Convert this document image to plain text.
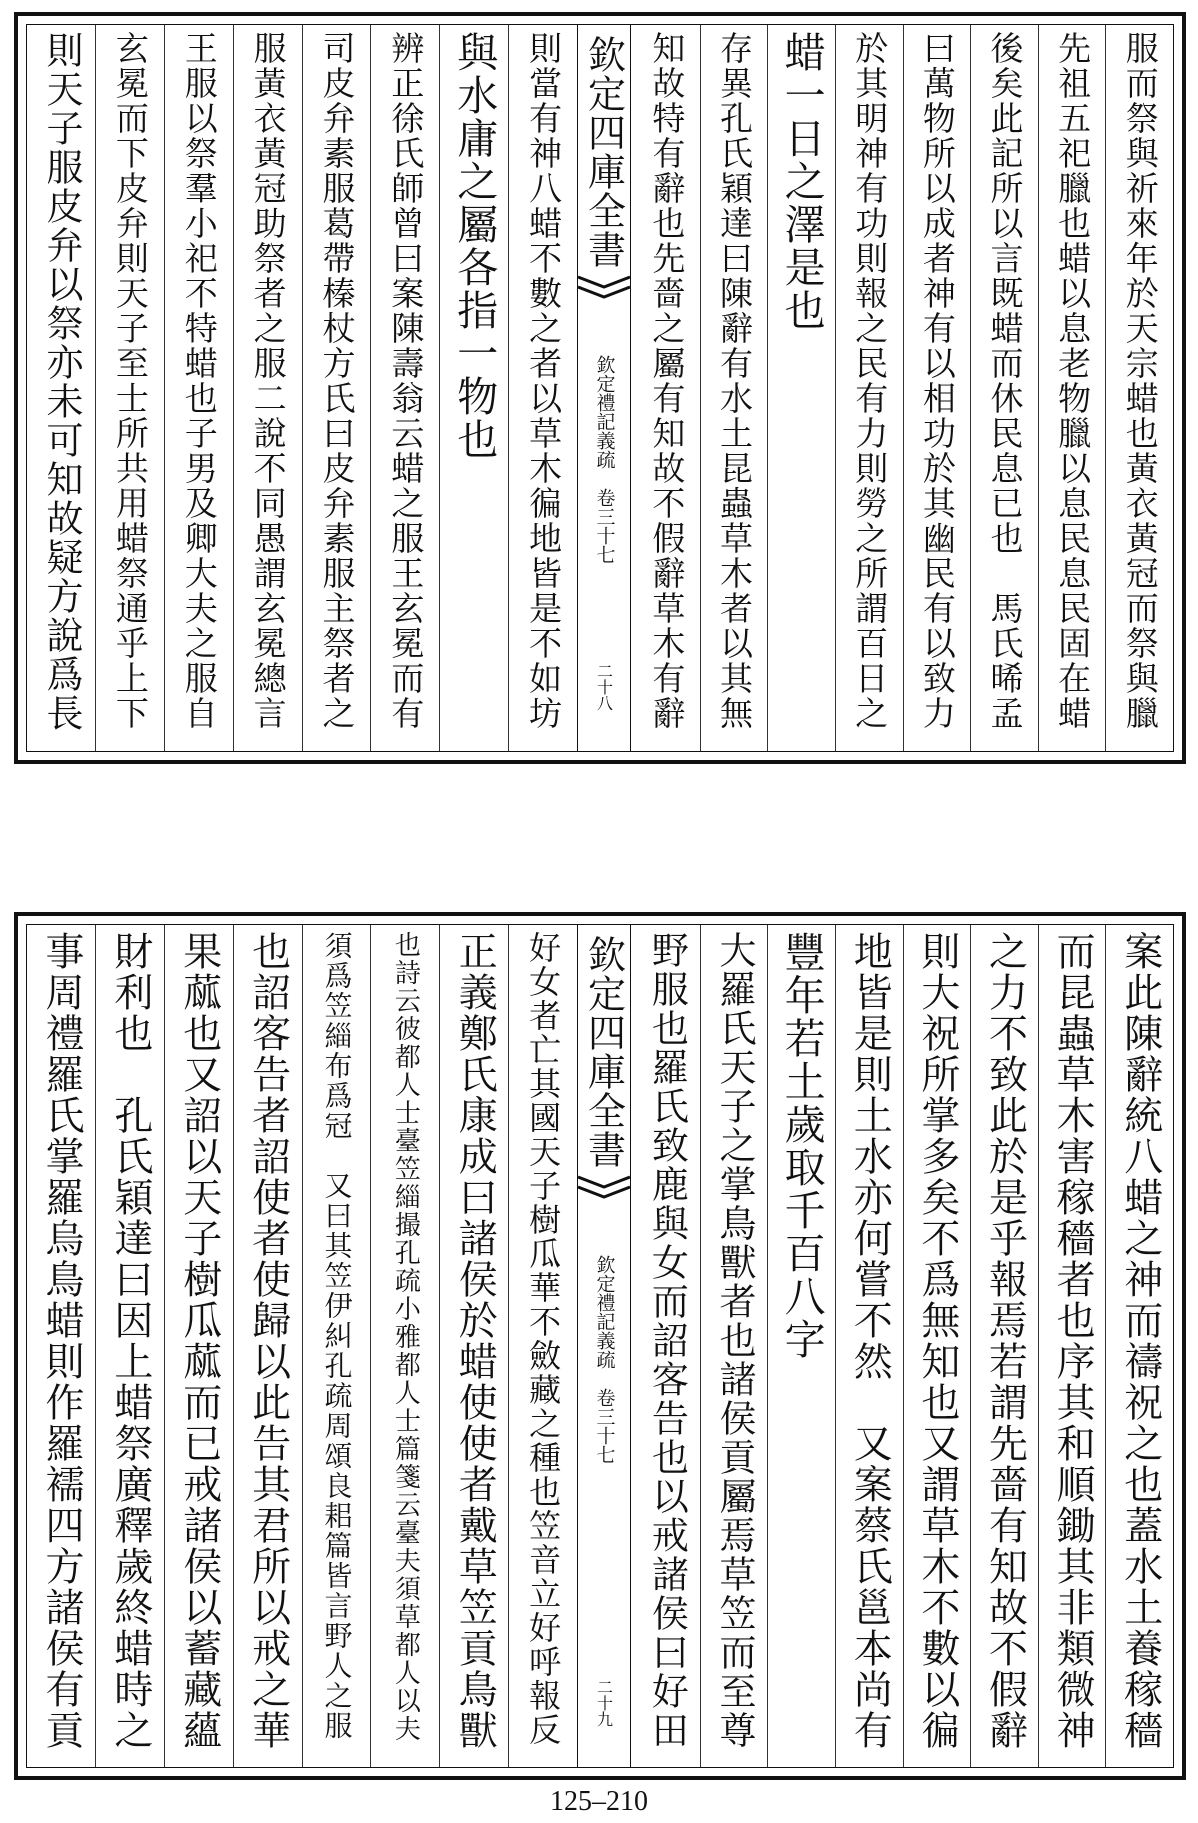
服而祭與祈來年於天宗蜡也黃衣黃冠而祭與臘
先祖五祀臘也蜡以息老物臘以息民息民固在蜡
後矣此記所以言既蜡而休民息已也　馬氏晞孟
曰萬物所以成者神有以相功於其幽民有以致力
於其明神有功則報之民有力則勞之所謂百日之
蜡一日之澤是也
存異孔氏穎達曰陳辭有水土昆蟲草木者以其無
知故特有辭也先嗇之屬有知故不假辭草木有辭
欽定四庫全書
欽定禮記義疏　卷三十七
二十八
則當有神八蜡不數之者以草木徧地皆是不如坊
與水庸之屬各指一物也
辨正徐氏師曾曰案陳壽翁云蜡之服王玄冕而有
司皮弁素服葛帶榛杖方氏曰皮弁素服主祭者之
服黃衣黃冠助祭者之服二說不同愚謂玄冕總言
王服以祭羣小祀不特蜡也子男及卿大夫之服自
玄冕而下皮弁則天子至士所共用蜡祭通乎上下
則天子服皮弁以祭亦未可知故疑方說爲長
案此陳辭統八蜡之神而禱祝之也蓋水土養稼穡
而昆蟲草木害稼穡者也序其和順鋤其非類微神
之力不致此於是乎報焉若謂先嗇有知故不假辭
則大祝所掌多矣不爲無知也又謂草木不數以徧
地皆是則土水亦何嘗不然　又案蔡氏邕本尚有
豐年若土歲取千百八字
大羅氏天子之掌鳥獸者也諸侯貢屬焉草笠而至尊
野服也羅氏致鹿與女而詔客告也以戒諸侯曰好田
欽定四庫全書
欽定禮記義疏　卷三十七
二十九
好女者亡其國天子樹瓜華不斂藏之種也笠音立好呼報反
正義鄭氏康成曰諸侯於蜡使使者戴草笠貢鳥獸
也詩云彼都人士臺笠緇撮孔疏小雅都人士篇箋云臺夫須草都人以夫
須爲笠緇布爲冠　又曰其笠伊糾孔疏周頌良耜篇皆言野人之服
也詔客告者詔使者使歸以此告其君所以戒之華
果蓏也又詔以天子樹瓜蓏而已戒諸侯以蓄藏蘊
財利也　孔氏穎達曰因上蜡祭廣釋歲終蜡時之
事周禮羅氏掌羅烏鳥蜡則作羅襦四方諸侯有貢
125–210
